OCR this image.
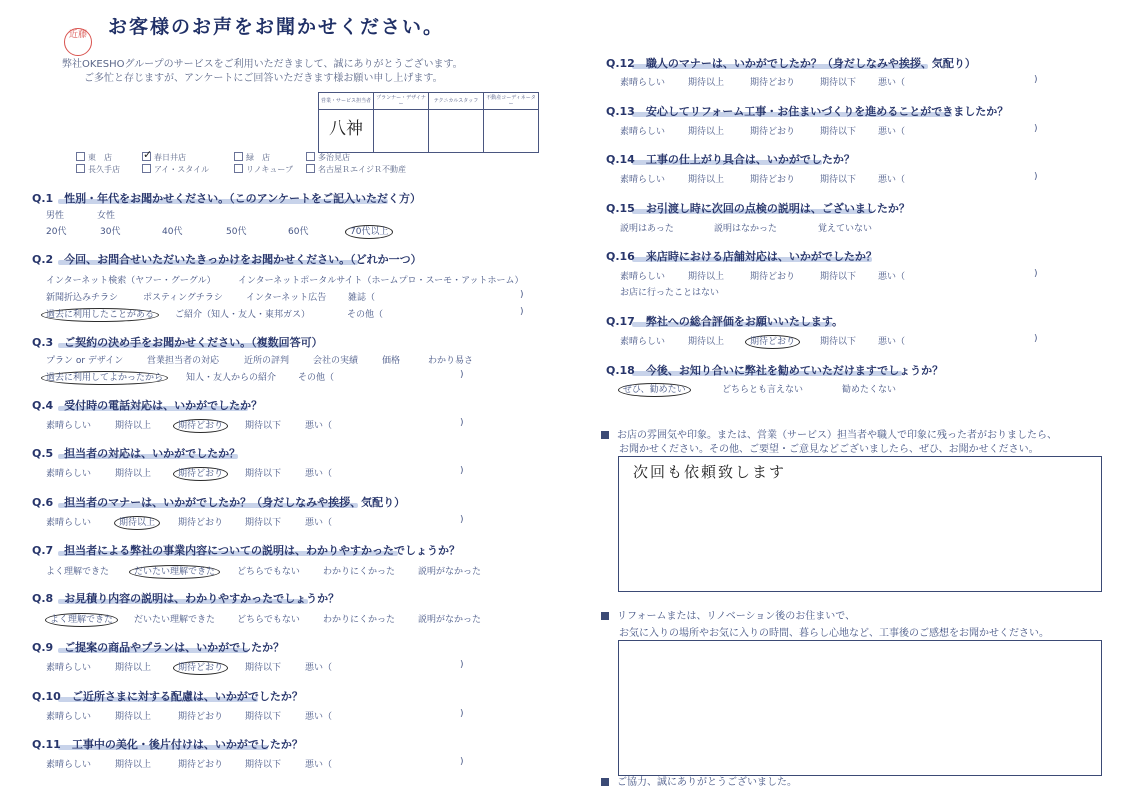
近藤 お客様のお声をお聞かせください。
弊社OKESHOグループのサービスをご利用いただきまして、誠にありがとうございます。
ご多忙と存じますが、アンケートにご回答いただきます様お願い申し上げます。
営業・サービス担当者	プランナー・デザイナー	テクニカルスタッフ	不動産コーディネーター
八神			
東　店	✓ 春日井店	緑　店	多治見店
長久手店	アイ・スタイル	リノキューブ	名古屋ＲエイジＲ不動産
Q.1　性別・年代をお聞かせください。（このアンケートをご記入いただく方）
男性	女性
20代	30代	40代	50代	60代	70代以上
Q.2　今回、お問合せいただいたきっかけをお聞かせください。（どれか一つ）
インターネット検索（ヤフー・グーグル） インターネットポータルサイト（ホームプロ・スーモ・アットホーム）
新聞折込みチラシ	ポスティングチラシ	インターネット広告 雑誌（	)
過去に利用したことがある ご紹介（知人・友人・東邦ガス）	その他（	)
Q.3　ご契約の決め手をお聞かせください。（複数回答可）
プラン or デザイン	営業担当者の対応	近所の評判	会社の実績	価格	わかり易さ
過去に利用してよかったから	知人・友人からの紹介 その他（	)
Q.4　受付時の電話対応は、いかがでしたか？
素晴らしい	期待以上	期待どおり 期待以下	悪い（	)
Q.5　担当者の対応は、いかがでしたか？
素晴らしい	期待以上	期待どおり 期待以下	悪い（	)
Q.6　担当者のマナーは、いかがでしたか？（身だしなみや挨拶、気配り）
素晴らしい	期待以上	期待どおり 期待以下	悪い（	)
Q.7　担当者による弊社の事業内容についての説明は、わかりやすかったでしょうか？
よく理解できた	だいたい理解できた どちらでもない	わかりにくかった	説明がなかった
Q.8　お見積り内容の説明は、わかりやすかったでしょうか？
よく理解できた だいたい理解できた どちらでもない	わかりにくかった	説明がなかった
Q.9　ご提案の商品やプランは、いかがでしたか？
素晴らしい	期待以上	期待どおり 期待以下	悪い（	)
Q.10　ご近所さまに対する配慮は、いかがでしたか？
素晴らしい	期待以上	期待どおり 期待以下	悪い（	)
Q.11　工事中の美化・後片付けは、いかがでしたか？
素晴らしい	期待以上	期待どおり 期待以下	悪い（	)
Q.12　職人のマナーは、いかがでしたか？（身だしなみや挨拶、気配り）
素晴らしい	期待以上	期待どおり	期待以下 悪い（	)
Q.13　安心してリフォーム工事・お住まいづくりを進めることができましたか？
素晴らしい	期待以上	期待どおり	期待以下 悪い（	)
Q.14　工事の仕上がり具合は、いかがでしたか？
素晴らしい	期待以上	期待どおり	期待以下 悪い（	)
Q.15　お引渡し時に次回の点検の説明は、ございましたか？
説明はあった	説明はなかった	覚えていない
Q.16　来店時における店舗対応は、いかがでしたか？
素晴らしい	期待以上	期待どおり	期待以下 悪い（	)
お店に行ったことはない
Q.17　弊社への総合評価をお願いいたします。
素晴らしい	期待以上	期待どおり	期待以下 悪い（	)
Q.18　今後、お知り合いに弊社を勧めていただけますでしょうか？
ぜひ、勧めたい	どちらとも言えない	勧めたくない
お店の雰囲気や印象。または、営業（サービス）担当者や職人で印象に残った者がおりましたら、
お聞かせください。その他、ご要望・ご意見などございましたら、ぜひ、お聞かせください。
次回も依頼致します
リフォームまたは、リノベーション後のお住まいで、
お気に入りの場所やお気に入りの時間、暮らし心地など、工事後のご感想をお聞かせください。
ご協力、誠にありがとうございました。
